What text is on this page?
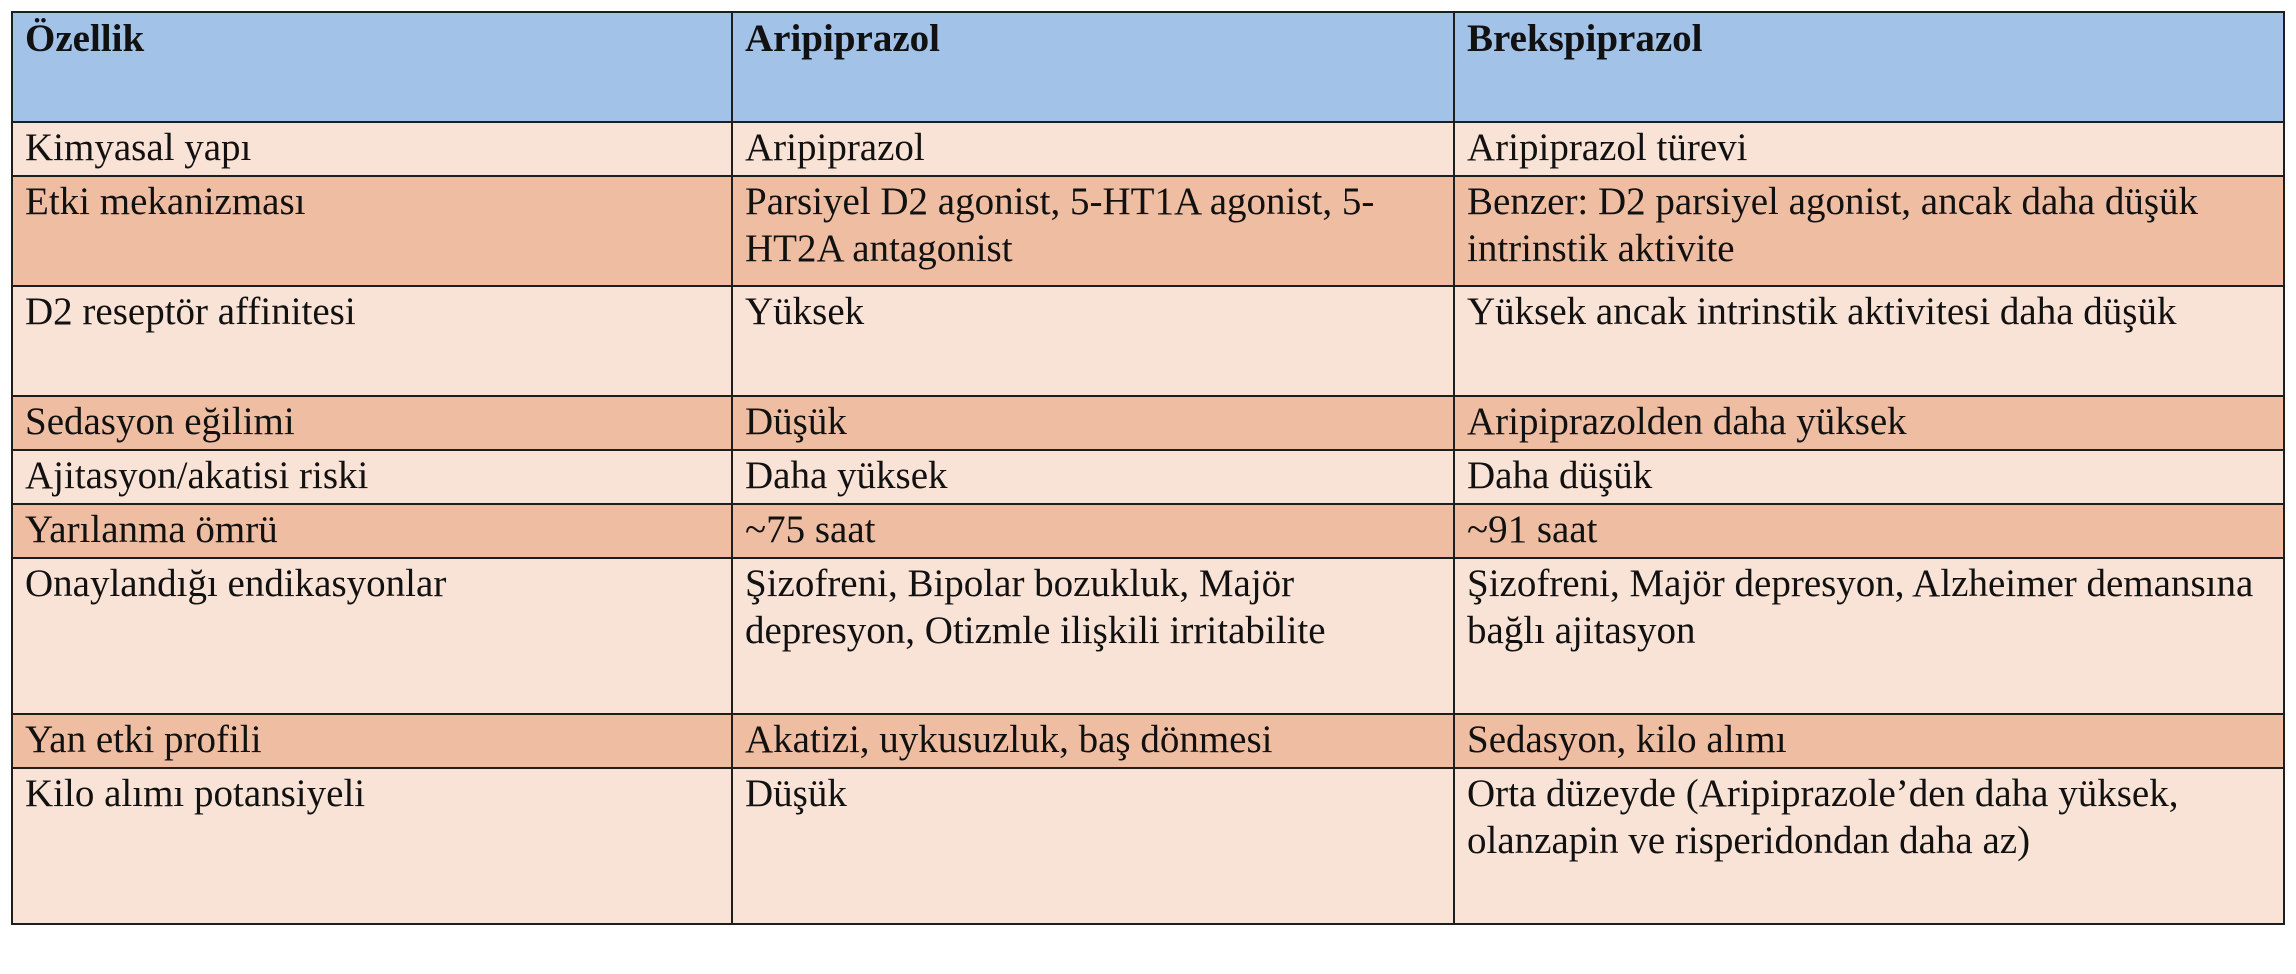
Özellik	Aripiprazol	Brekspiprazol
Kimyasal yapı	Aripiprazol	Aripiprazol türevi
Etki mekanizması	Parsiyel D2 agonist, 5-HT1A agonist, 5-HT2A antagonist	Benzer: D2 parsiyel agonist, ancak daha düşük intrinstik aktivite
D2 reseptör affinitesi	Yüksek	Yüksek ancak intrinstik aktivitesi daha düşük
Sedasyon eğilimi	Düşük	Aripiprazolden daha yüksek
Ajitasyon/akatisi riski	Daha yüksek	Daha düşük
Yarılanma ömrü	~75 saat	~91 saat
Onaylandığı endikasyonlar	Şizofreni, Bipolar bozukluk, Majör depresyon, Otizmle ilişkili irritabilite	Şizofreni, Majör depresyon, Alzheimer demansına bağlı ajitasyon
Yan etki profili	Akatizi, uykusuzluk, baş dönmesi	Sedasyon, kilo alımı
Kilo alımı potansiyeli	Düşük	Orta düzeyde (Aripiprazole’den daha yüksek, olanzapin ve risperidondan daha az)
